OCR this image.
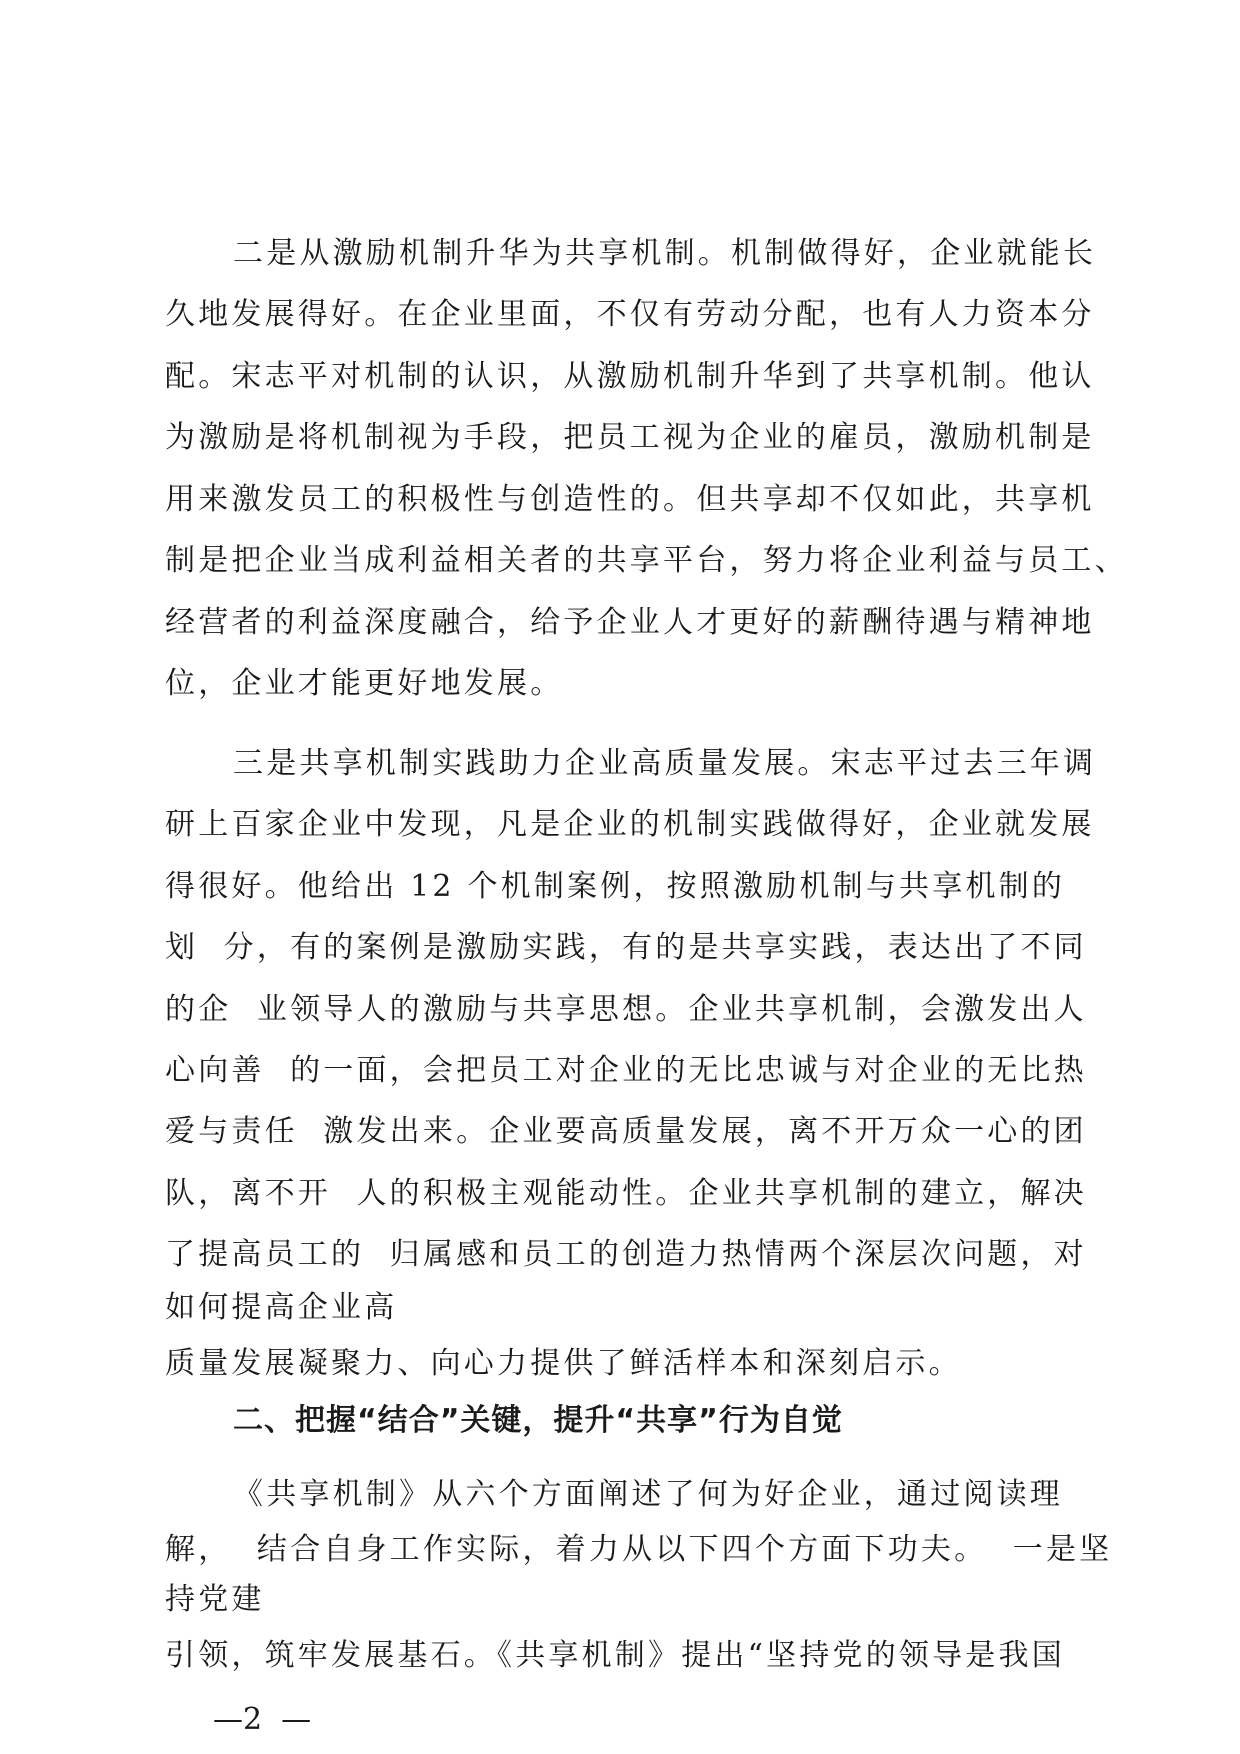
二是从激励机制升华为共享机制。机制做得好，企业就能长
久地发展得好。在企业里面，不仅有劳动分配，也有人力资本分
配。宋志平对机制的认识，从激励机制升华到了共享机制。他认
为激励是将机制视为手段，把员工视为企业的雇员，激励机制是
用来激发员工的积极性与创造性的。但共享却不仅如此，共享机
制是把企业当成利益相关者的共享平台，努力将企业利益与员工、
经营者的利益深度融合，给予企业人才更好的薪酬待遇与精神地
位，企业才能更好地发展。
三是共享机制实践助力企业高质量发展。宋志平过去三年调
研上百家企业中发现，凡是企业的机制实践做得好，企业就发展
得很好。他给出 12 个机制案例，按照激励机制与共享机制的
划  分，有的案例是激励实践，有的是共享实践，表达出了不同
的企  业领导人的激励与共享思想。企业共享机制，会激发出人
心向善  的一面，会把员工对企业的无比忠诚与对企业的无比热
爱与责任  激发出来。企业要高质量发展，离不开万众一心的团
队，离不开  人的积极主观能动性。企业共享机制的建立，解决
了提高员工的  归属感和员工的创造力热情两个深层次问题，对
如何提高企业高
质量发展凝聚力、向心力提供了鲜活样本和深刻启示。
二、把握“结合”关键，提升“共享”行为自觉
《共享机制》从六个方面阐述了何为好企业，通过阅读理
解，  结合自身工作实际，着力从以下四个方面下功夫。  一是坚
持党建
引领，筑牢发展基石。《共享机制》提出“坚持党的领导是我国
—2  —
